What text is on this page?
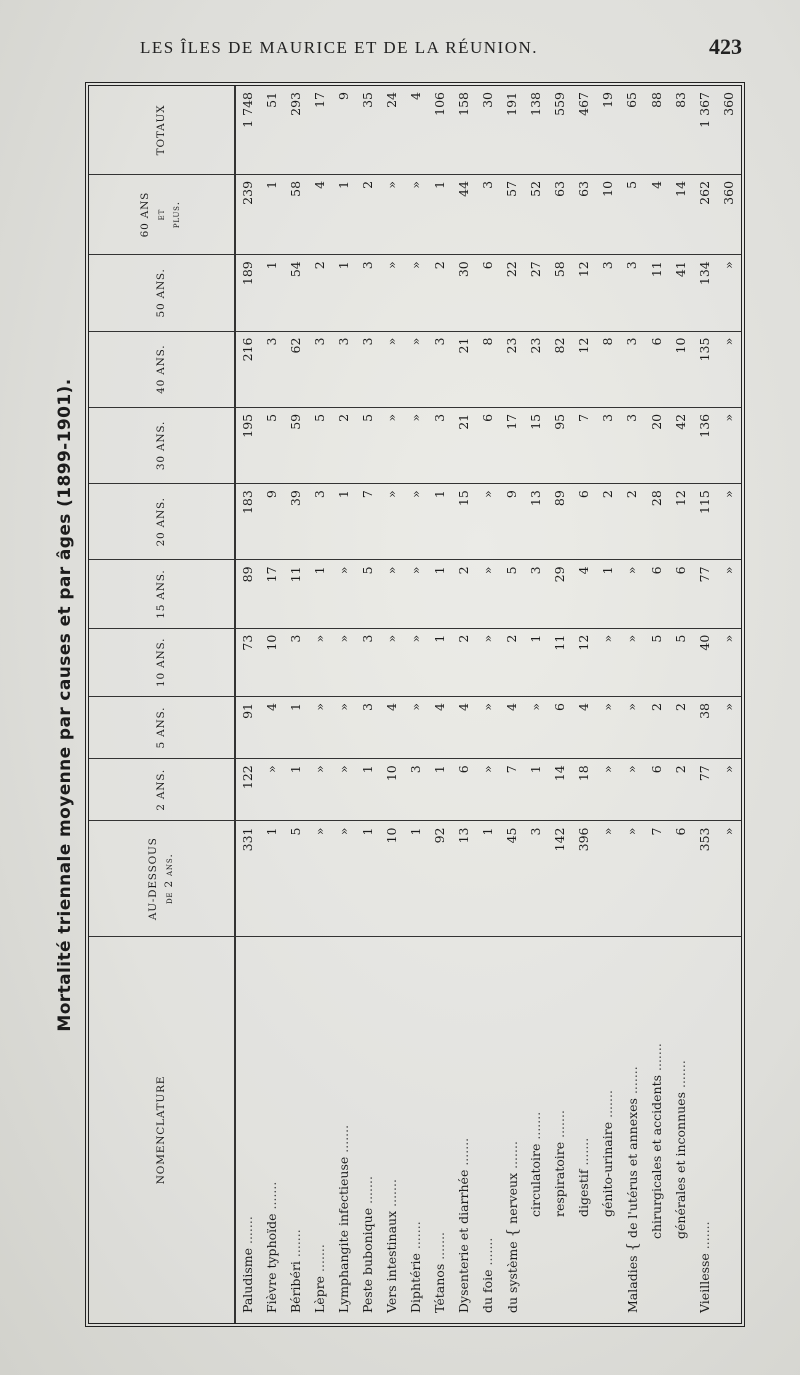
LES ÎLES DE MAURICE ET DE LA RÉUNION.	423
Mortalité triennale moyenne par causes et par âges (1899-1901).
NOMENCLATURE	AU-DESSOUS de 2 ans.	2 ANS.	5 ANS.	10 ANS.	15 ANS.	20 ANS.	30 ANS.	40 ANS.	50 ANS.	60 ANS et plus.	TOTAUX
Paludisme .......	331	122	91	73	89	183	195	216	189	239	1 748
Fièvre typhoïde .......	1	»	4	10	17	9	5	3	1	1	51
Béribéri .......	5	1	1	3	11	39	59	62	54	58	293
Lèpre .......	»	»	»	»	1	3	5	3	2	4	17
Lymphangite infectieuse .......	»	»	»	»	»	1	2	3	1	1	9
Peste bubonique .......	1	1	3	3	5	7	5	3	3	2	35
Vers intestinaux .......	10	10	4	»	»	»	»	»	»	»	24
Diphtérie .......	1	3	»	»	»	»	»	»	»	»	4
Tétanos .......	92	1	4	1	1	1	3	3	2	1	106
Dysenterie et diarrhée .......	13	6	4	2	2	15	21	21	30	44	158
du foie .......	1	»	»	»	»	»	6	8	6	3	30
du système{nerveux .......	45	7	4	2	5	9	17	23	22	57	191
circulatoire .......	3	1	»	1	3	13	15	23	27	52	138
respiratoire .......	142	14	6	11	29	89	95	82	58	63	559
digestif .......	396	18	4	12	4	6	7	12	12	63	467
génito-urinaire .......	»	»	»	»	1	2	3	8	3	10	19
Maladies{de l'utérus et annexes .......	»	»	»	»	»	2	3	3	3	5	65
chirurgicales et accidents .......	7	6	2	5	6	28	20	6	11	4	88
générales et inconnues .......	6	2	2	5	6	12	42	10	41	14	83
Vieillesse .......	353	77	38	40	77	115	136	135	134	262	1 367
	»	»	»	»	»	»	»	»	»	360	360
